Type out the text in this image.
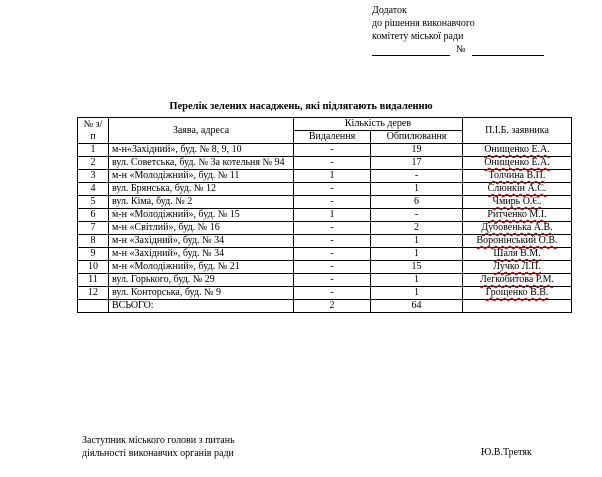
Додаток
до рішення виконавчого
комітету міської ради
№
Перелік зелених насаджень, які підлягають видаленню
№ з/п	Заява, адреса	Кількість дерев		П.І.Б. заявника
		Видалення	Обпилювання	
1	м-н«Західний», буд. № 8, 9, 10	-	19	Онищенко Е.А.
2	вул. Советська, буд. № 3а котельня № 94	-	17	Онищенко Е.А.
3	м-н «Молодіжний», буд. № 11	1	-	Толчина В.П.
4	вул. Брянська, буд. № 12	-	1	Слюнкін А.С.
5	вул. Кіма, буд. № 2	-	6	Чмирь О.Є.
6	м-н «Молодіжний», буд. № 15	1	-	Ритченко М.І.
7	м-н «Світлий», буд. № 16	-	2	Дубовенька А.В.
8	м-н «Західний», буд. № 34	-	1	Воронінський О.В.
9	м-н «Західний», буд. № 34	-	1	Шаля В.М.
10	м-н «Молодіжний», буд. № 21	-	15	Лучко Л.П.
11	вул. Горького, буд. № 29	-	1	Легкобитова Р.М.
12	вул. Конторська, буд. № 9	-	1	Грощенко В.В.
	ВСЬОГО:	2	64	
Заступник міського голови з питань
діяльності виконавчих органів ради	Ю.В.Третяк
